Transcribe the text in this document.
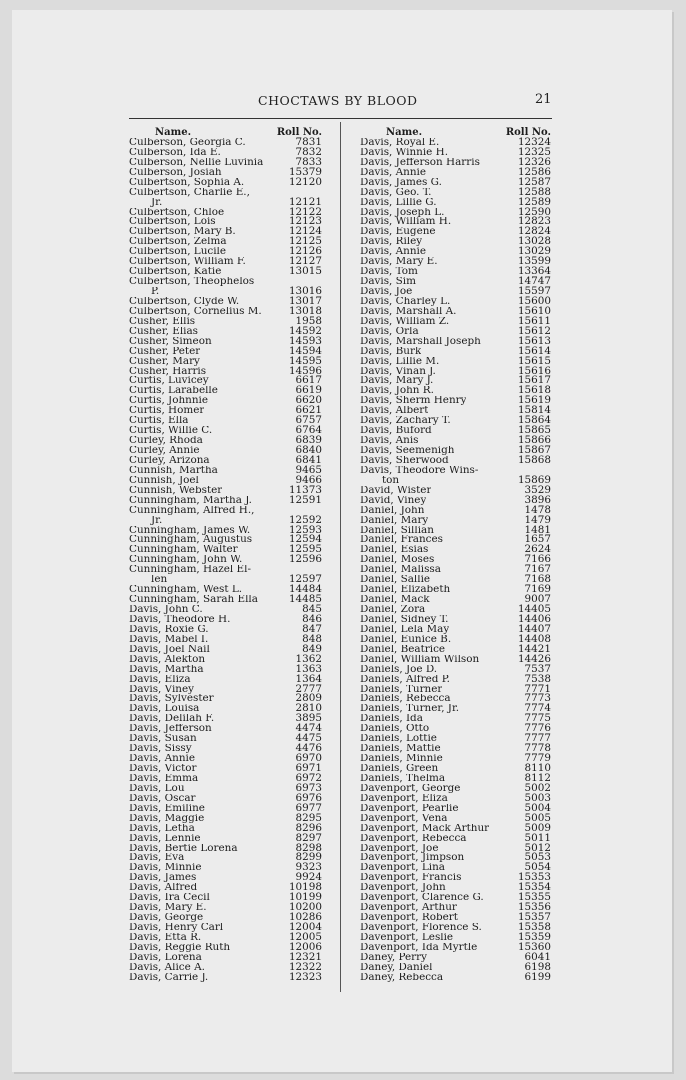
CHOCTAWS BY BLOOD	21
Name.	Roll No.
Culberson, Georgia C.	7831
Culberson, Ida E.	7832
Culberson, Nellie Luvinia	7833
Culberson, Josiah	15379
Culbertson, Sophia A.	12120
Culbertson, Charlie E.,
Jr.	12121
Culbertson, Chloe	12122
Culbertson, Lois	12123
Culbertson, Mary B.	12124
Culbertson, Zelma	12125
Culbertson, Lucile	12126
Culbertson, William F.	12127
Culbertson, Katie	13015
Culbertson, Theophelos
P.	13016
Culbertson, Clyde W.	13017
Culbertson, Cornelius M.	13018
Cusher, Ellis	1958
Cusher, Elias	14592
Cusher, Simeon	14593
Cusher, Peter	14594
Cusher, Mary	14595
Cusher, Harris	14596
Curtis, Luvicey	6617
Curtis, Larabelle	6619
Curtis, Johnnie	6620
Curtis, Homer	6621
Curtis, Ella	6757
Curtis, Willie C.	6764
Curley, Rhoda	6839
Curley, Annie	6840
Curley, Arizona	6841
Cunnish, Martha	9465
Cunnish, Joel	9466
Cunnish, Webster	11373
Cunningham, Martha J.	12591
Cunningham, Alfred H.,
Jr.	12592
Cunningham, James W.	12593
Cunningham, Augustus	12594
Cunningham, Walter	12595
Cunningham, John W.	12596
Cunningham, Hazel El-
len	12597
Cunningham, West L.	14484
Cunningham, Sarah Ella	14485
Davis, John C.	845
Davis, Theodore H.	846
Davis, Roxie G.	847
Davis, Mabel I.	848
Davis, Joel Nail	849
Davis, Alekton	1362
Davis, Martha	1363
Davis, Eliza	1364
Davis, Viney	2777
Davis, Sylvester	2809
Davis, Louisa	2810
Davis, Delilah F.	3895
Davis, Jefferson	4474
Davis, Susan	4475
Davis, Sissy	4476
Davis, Annie	6970
Davis, Victor	6971
Davis, Emma	6972
Davis, Lou	6973
Davis, Oscar	6976
Davis, Emiline	6977
Davis, Maggie	8295
Davis, Letha	8296
Davis, Lennie	8297
Davis, Bertie Lorena	8298
Davis, Eva	8299
Davis, Minnie	9323
Davis, James	9924
Davis, Alfred	10198
Davis, Ira Cecil	10199
Davis, Mary E.	10200
Davis, George	10286
Davis, Henry Carl	12004
Davis, Etta R.	12005
Davis, Reggie Ruth	12006
Davis, Lorena	12321
Davis, Alice A.	12322
Davis, Carrie J.	12323
Name.	Roll No.
Davis, Royal E.	12324
Davis, Winnie H.	12325
Davis, Jefferson Harris	12326
Davis, Annie	12586
Davis, James G.	12587
Davis, Geo. T.	12588
Davis, Lillie G.	12589
Davis, Joseph L.	12590
Davis, William H.	12823
Davis, Eugene	12824
Davis, Riley	13028
Davis, Annie	13029
Davis, Mary E.	13599
Davis, Tom	13364
Davis, Sim	14747
Davis, Joe	15597
Davis, Charley L.	15600
Davis, Marshall A.	15610
Davis, William Z.	15611
Davis, Orla	15612
Davis, Marshall Joseph	15613
Davis, Burk	15614
Davis, Lillie M.	15615
Davis, Vinan J.	15616
Davis, Mary J.	15617
Davis, John R.	15618
Davis, Sherm Henry	15619
Davis, Albert	15814
Davis, Zachary T.	15864
Davis, Buford	15865
Davis, Anis	15866
Davis, Seemenigh	15867
Davis, Sherwood	15868
Davis, Theodore Wins-
ton	15869
David, Wister	3529
David, Viney	3896
Daniel, John	1478
Daniel, Mary	1479
Daniel, Sillian	1481
Daniel, Frances	1657
Daniel, Esias	2624
Daniel, Moses	7166
Daniel, Malissa	7167
Daniel, Sallie	7168
Daniel, Elizabeth	7169
Daniel, Mack	9007
Daniel, Zora	14405
Daniel, Sidney T.	14406
Daniel, Lela May	14407
Daniel, Eunice B.	14408
Daniel, Beatrice	14421
Daniel, William Wilson	14426
Daniels, Joe D.	7537
Daniels, Alfred P.	7538
Daniels, Turner	7771
Daniels, Rebecca	7773
Daniels, Turner, Jr.	7774
Daniels, Ida	7775
Daniels, Otto	7776
Daniels, Lottie	7777
Daniels, Mattie	7778
Daniels, Minnie	7779
Daniels, Green	8110
Daniels, Thelma	8112
Davenport, George	5002
Davenport, Eliza	5003
Davenport, Pearlie	5004
Davenport, Vena	5005
Davenport, Mack Arthur	5009
Davenport, Rebecca	5011
Davenport, Joe	5012
Davenport, Jimpson	5053
Davenport, Lina	5054
Davenport, Francis	15353
Davenport, John	15354
Davenport, Clarence G.	15355
Davenport, Arthur	15356
Davenport, Robert	15357
Davenport, Florence S.	15358
Davenport, Leslie	15359
Davenport, Ida Myrtle	15360
Daney, Perry	6041
Daney, Daniel	6198
Daney, Rebecca	6199
